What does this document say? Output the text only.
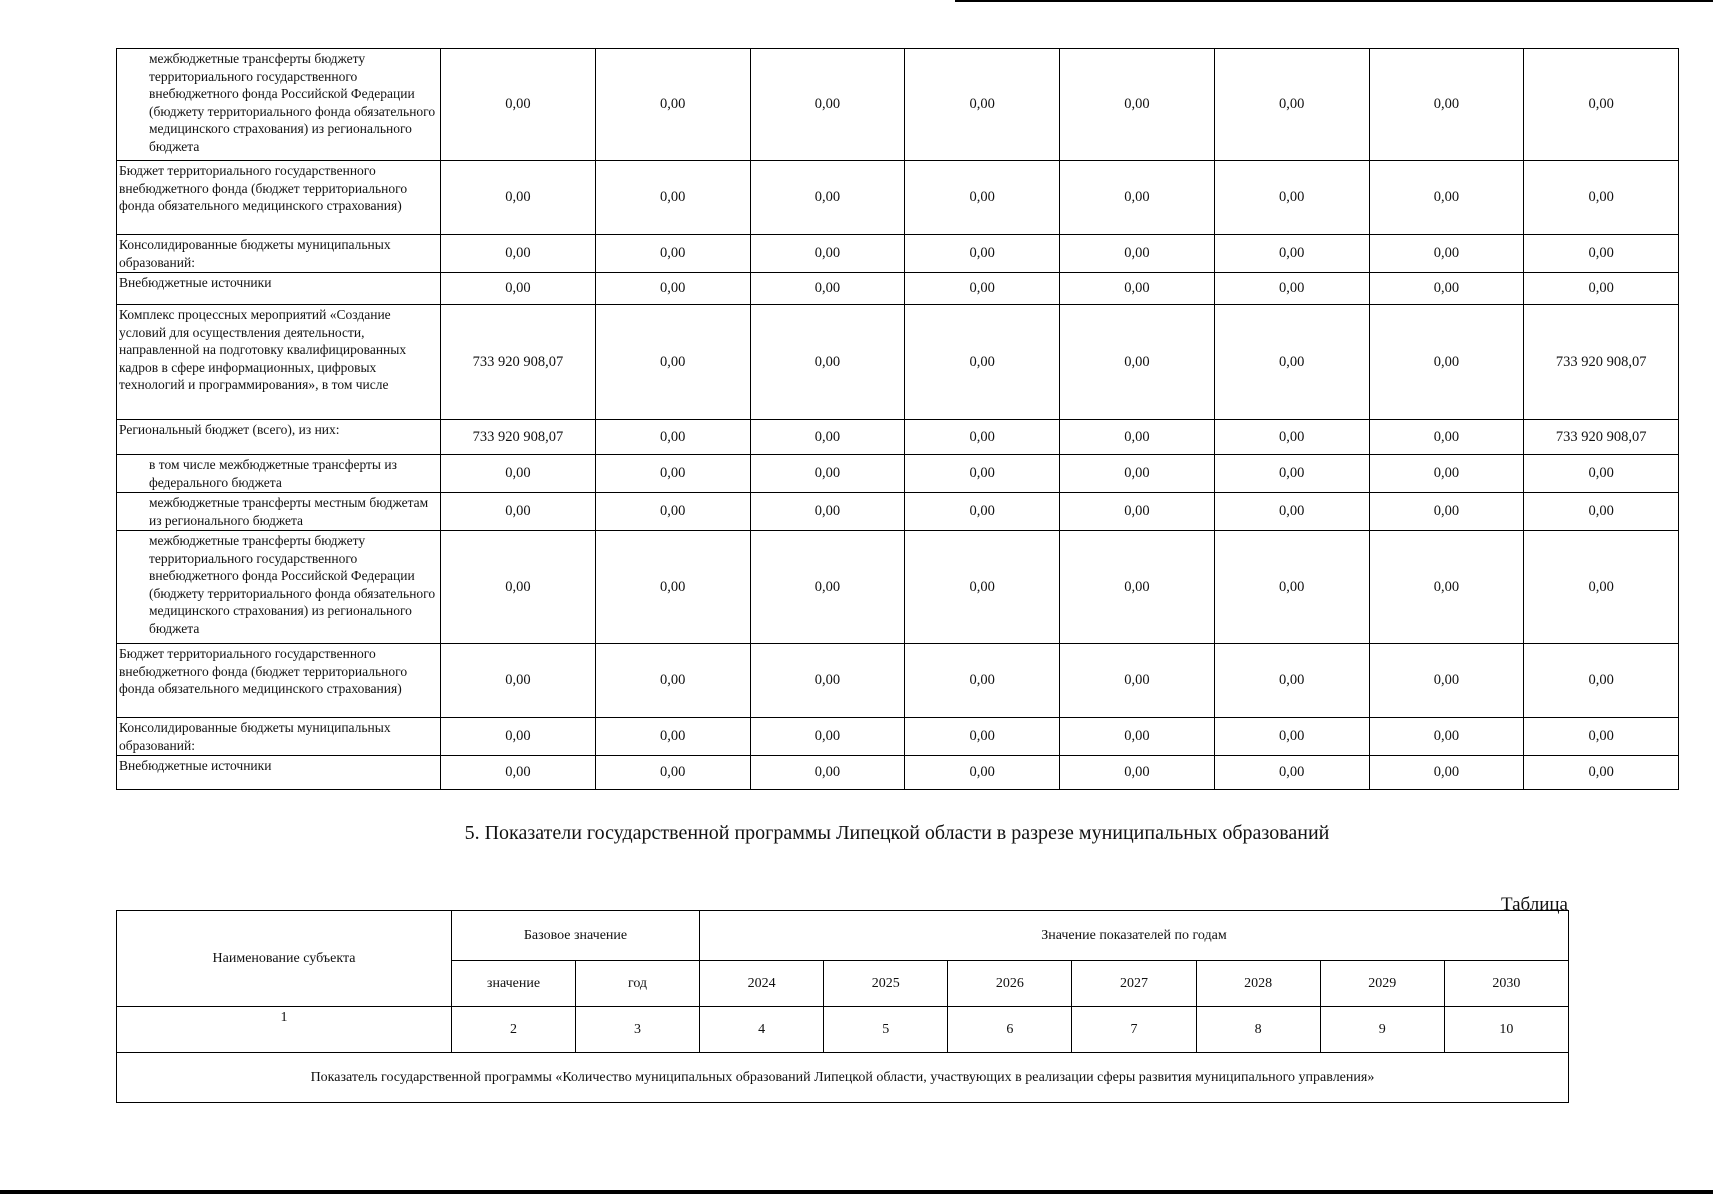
межбюджетные трансферты бюджету территориального государственного внебюджетного фонда Российской Федерации (бюджету территориального фонда обязательного медицинского страхования) из регионального бюджета	0,00	0,00	0,00	0,00	0,00	0,00	0,00	0,00
Бюджет территориального государственного внебюджетного фонда (бюджет территориального фонда обязательного медицинского страхования)	0,00	0,00	0,00	0,00	0,00	0,00	0,00	0,00
Консолидированные бюджеты муниципальных образований:	0,00	0,00	0,00	0,00	0,00	0,00	0,00	0,00
Внебюджетные источники	0,00	0,00	0,00	0,00	0,00	0,00	0,00	0,00
Комплекс процессных мероприятий «Создание условий для осуществления деятельности, направленной на подготовку квалифицированных кадров в сфере информационных, цифровых технологий и программирования», в том числе	733 920 908,07	0,00	0,00	0,00	0,00	0,00	0,00	733 920 908,07
Региональный бюджет (всего), из них:	733 920 908,07	0,00	0,00	0,00	0,00	0,00	0,00	733 920 908,07
в том числе межбюджетные трансферты из федерального бюджета	0,00	0,00	0,00	0,00	0,00	0,00	0,00	0,00
межбюджетные трансферты местным бюджетам из регионального бюджета	0,00	0,00	0,00	0,00	0,00	0,00	0,00	0,00
межбюджетные трансферты бюджету территориального государственного внебюджетного фонда Российской Федерации (бюджету территориального фонда обязательного медицинского страхования) из регионального бюджета	0,00	0,00	0,00	0,00	0,00	0,00	0,00	0,00
Бюджет территориального государственного внебюджетного фонда (бюджет территориального фонда обязательного медицинского страхования)	0,00	0,00	0,00	0,00	0,00	0,00	0,00	0,00
Консолидированные бюджеты муниципальных образований:	0,00	0,00	0,00	0,00	0,00	0,00	0,00	0,00
Внебюджетные источники	0,00	0,00	0,00	0,00	0,00	0,00	0,00	0,00
5. Показатели государственной программы Липецкой области в разрезе муниципальных образований
Таблица
Наименование субъекта	Базовое значение		Значение показателей по годам						
	значение	год	2024	2025	2026	2027	2028	2029	2030
1	2	3	4	5	6	7	8	9	10
Показатель государственной программы «Количество муниципальных образований Липецкой области, участвующих в реализации сферы развития муниципального управления»									
